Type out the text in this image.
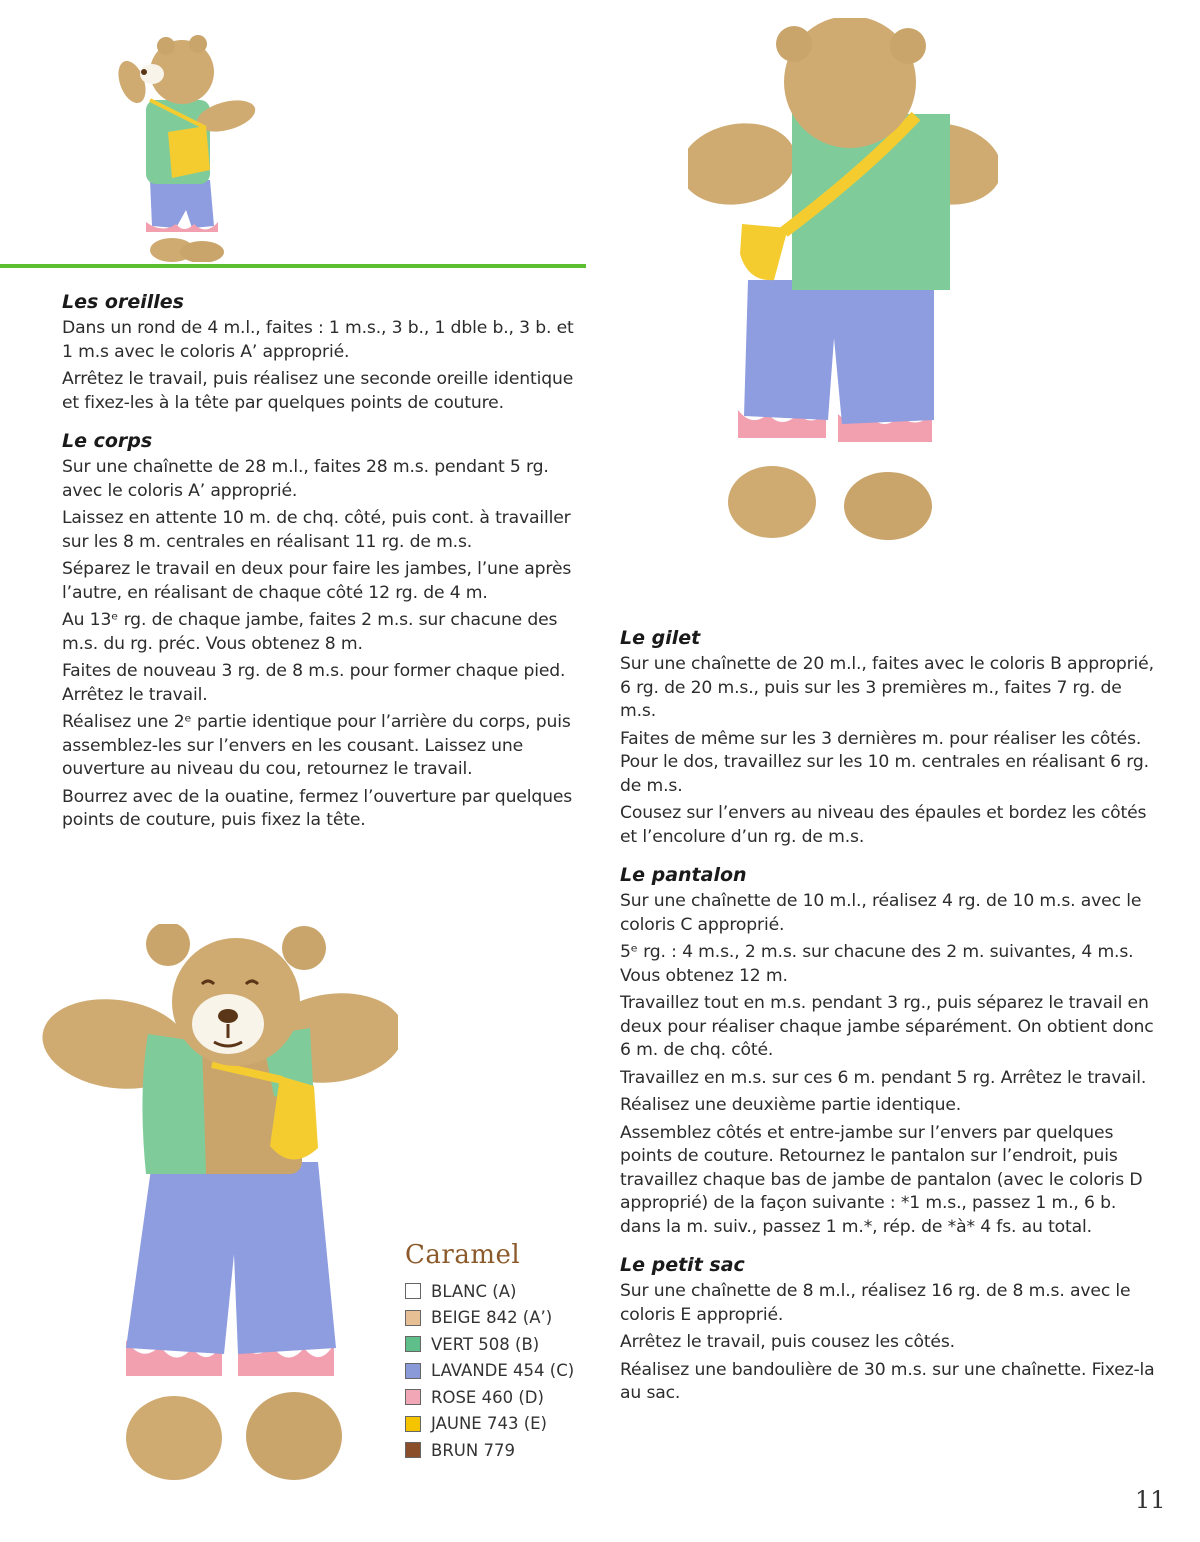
Les oreilles

Dans un rond de 4 m.l., faites : 1 m.s., 3 b., 1 dble b., 3 b. et 1 m.s avec le coloris A’ approprié.

Arrêtez le travail, puis réalisez une seconde oreille identique et fixez-les à la tête par quelques points de couture.

Le corps

Sur une chaînette de 28 m.l., faites 28 m.s. pendant 5 rg. avec le coloris A’ approprié.

Laissez en attente 10 m. de chq. côté, puis cont. à travailler sur les 8 m. centrales en réalisant 11 rg. de m.s.

Séparez le travail en deux pour faire les jambes, l’une après l’autre, en réalisant de chaque côté 12 rg. de 4 m.

Au 13ᵉ rg. de chaque jambe, faites 2 m.s. sur chacune des m.s. du rg. préc. Vous obtenez 8 m.

Faites de nouveau 3 rg. de 8 m.s. pour former chaque pied. Arrêtez le travail.

Réalisez une 2ᵉ partie identique pour l’arrière du corps, puis assemblez-les sur l’envers en les cousant. Laissez une ouverture au niveau du cou, retournez le travail.

Bourrez avec de la ouatine, fermez l’ouverture par quelques points de couture, puis fixez la tête.

Le gilet

Sur une chaînette de 20 m.l., faites avec le coloris B approprié, 6 rg. de 20 m.s., puis sur les 3 premières m., faites 7 rg. de m.s.

Faites de même sur les 3 dernières m. pour réaliser les côtés. Pour le dos, travaillez sur les 10 m. centrales en réalisant 6 rg. de m.s.

Cousez sur l’envers au niveau des épaules et bordez les côtés et l’encolure d’un rg. de m.s.

Le pantalon

Sur une chaînette de 10 m.l., réalisez 4 rg. de 10 m.s. avec le coloris C approprié.

5ᵉ rg. : 4 m.s., 2 m.s. sur chacune des 2 m. suivantes, 4 m.s. Vous obtenez 12 m.

Travaillez tout en m.s. pendant 3 rg., puis séparez le travail en deux pour réaliser chaque jambe séparément. On obtient donc 6 m. de chq. côté.

Travaillez en m.s. sur ces 6 m. pendant 5 rg. Arrêtez le travail.

Réalisez une deuxième partie identique.

Assemblez côtés et entre-jambe sur l’envers par quelques points de couture. Retournez le pantalon sur l’endroit, puis travaillez chaque bas de jambe de pantalon (avec le coloris D approprié) de la façon suivante : *1 m.s., passez 1 m., 6 b. dans la m. suiv., passez 1 m.*, rép. de *à* 4 fs. au total.

Le petit sac

Sur une chaînette de 8 m.l., réalisez 16 rg. de 8 m.s. avec le coloris E approprié.

Arrêtez le travail, puis cousez les côtés.

Réalisez une bandoulière de 30 m.s. sur une chaînette. Fixez-la au sac.

Caramel
BLANC (A)
BEIGE 842 (A’)
VERT 508 (B)
LAVANDE 454 (C)
ROSE 460 (D)
JAUNE 743 (E)
BRUN 779
11
